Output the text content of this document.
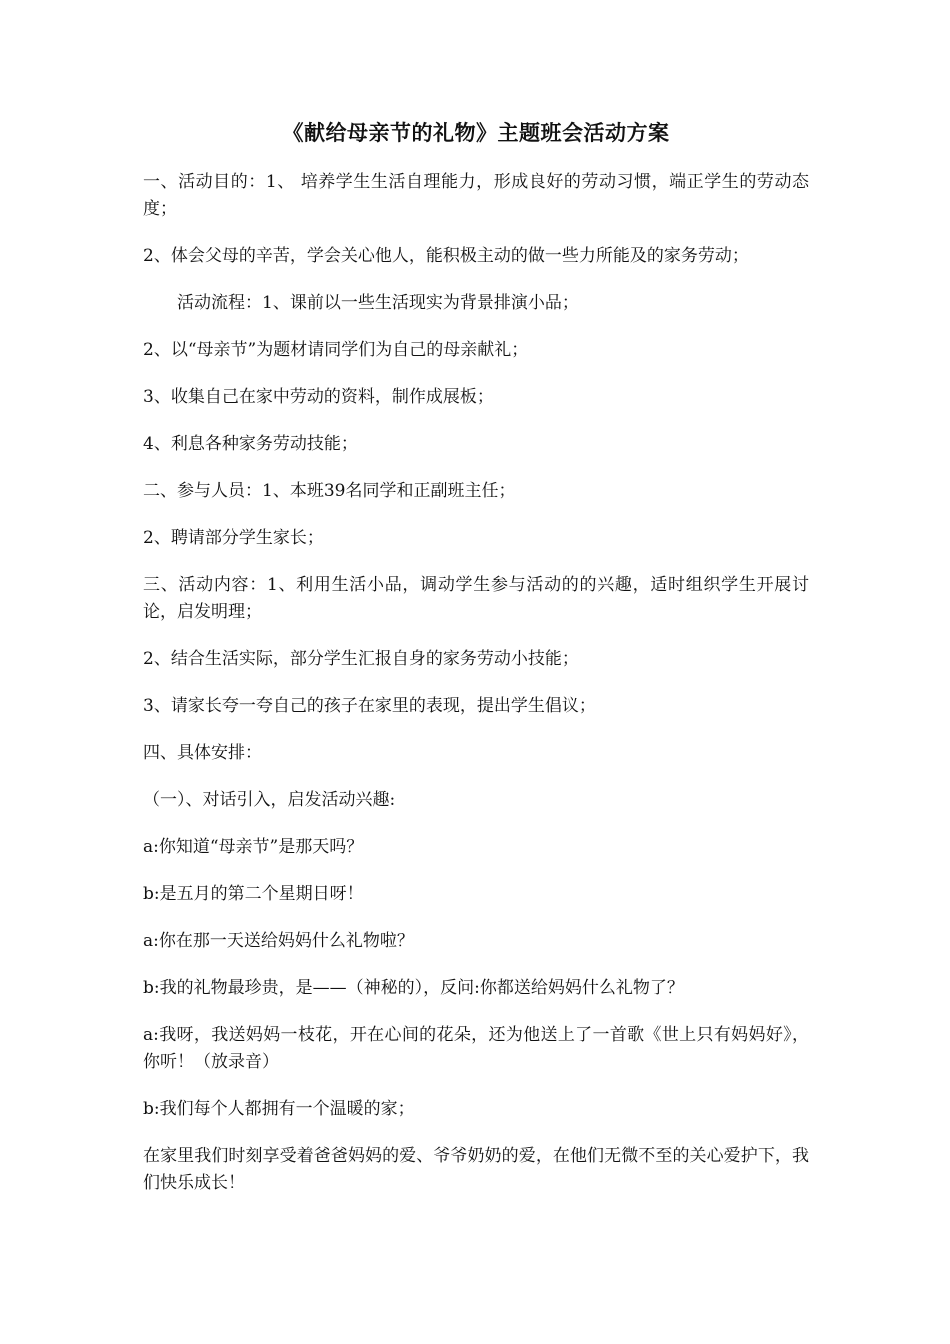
《献给母亲节的礼物》主题班会活动方案

一、活动目的：1、 培养学生生活自理能力，形成良好的劳动习惯，端正学生的劳动态度；

2、体会父母的辛苦，学会关心他人，能积极主动的做一些力所能及的家务劳动；

活动流程：1、课前以一些生活现实为背景排演小品；

2、以“母亲节”为题材请同学们为自己的母亲献礼；

3、收集自己在家中劳动的资料，制作成展板；

4、利息各种家务劳动技能；

二、参与人员：1、本班39名同学和正副班主任；

2、聘请部分学生家长；

三、活动内容：1、利用生活小品，调动学生参与活动的的兴趣，适时组织学生开展讨论，启发明理；

2、结合生活实际，部分学生汇报自身的家务劳动小技能；

3、请家长夸一夸自己的孩子在家里的表现，提出学生倡议；

四、具体安排：

（一）、对话引入，启发活动兴趣:

a:你知道“母亲节”是那天吗？

b:是五月的第二个星期日呀！

a:你在那一天送给妈妈什么礼物啦？

b:我的礼物最珍贵，是——（神秘的），反问:你都送给妈妈什么礼物了？

a:我呀，我送妈妈一枝花，开在心间的花朵，还为他送上了一首歌《世上只有妈妈好》，你听！（放录音）

b:我们每个人都拥有一个温暖的家；

在家里我们时刻享受着爸爸妈妈的爱、爷爷奶奶的爱，在他们无微不至的关心爱护下，我们快乐成长！
